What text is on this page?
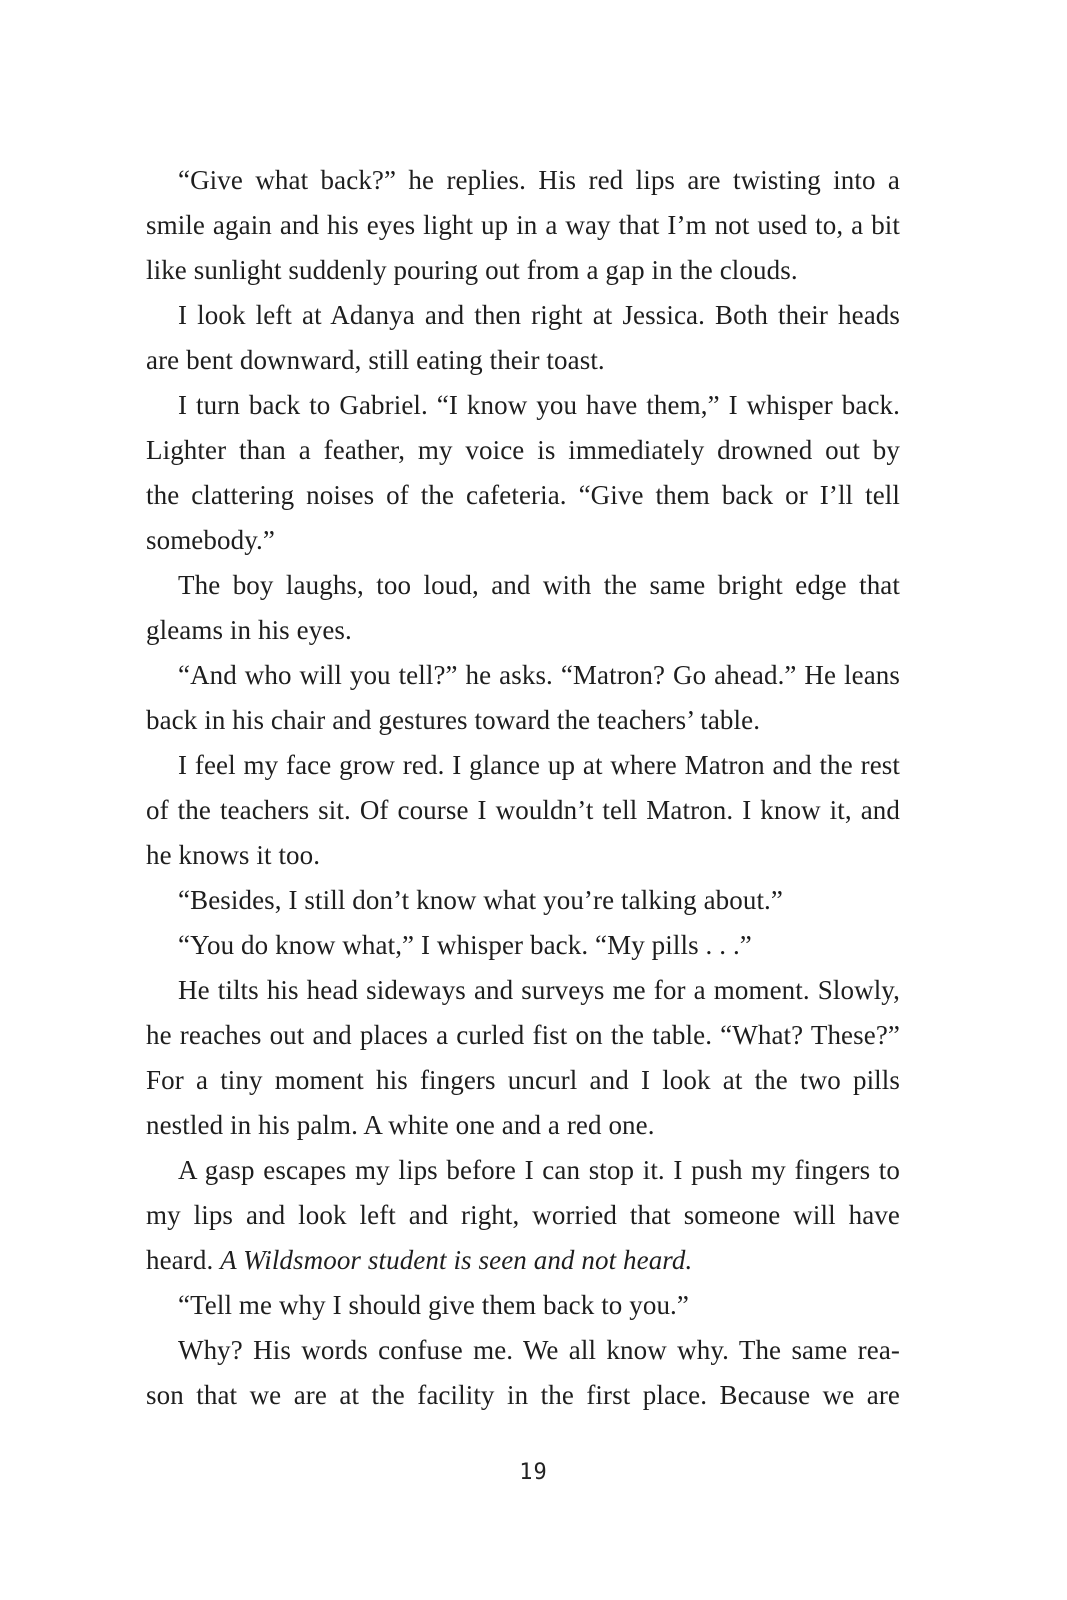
“Give what back?” he replies. His red lips are twisting into a
smile again and his eyes light up in a way that I’m not used to, a bit
like sunlight suddenly pouring out from a gap in the clouds.
I look left at Adanya and then right at Jessica. Both their heads
are bent downward, still eating their toast.
I turn back to Gabriel. “I know you have them,” I whisper back.
Lighter than a feather, my voice is immediately drowned out by
the clattering noises of the cafeteria. “Give them back or I’ll tell
somebody.”
The boy laughs, too loud, and with the same bright edge that
gleams in his eyes.
“And who will you tell?” he asks. “Matron? Go ahead.” He leans
back in his chair and gestures toward the teachers’ table.
I feel my face grow red. I glance up at where Matron and the rest
of the teachers sit. Of course I wouldn’t tell Matron. I know it, and
he knows it too.
“Besides, I still don’t know what you’re talking about.”
“You do know what,” I whisper back. “My pills . . .”
He tilts his head sideways and surveys me for a moment. Slowly,
he reaches out and places a curled fist on the table. “What? These?”
For a tiny moment his fingers uncurl and I look at the two pills
nestled in his palm. A white one and a red one.
A gasp escapes my lips before I can stop it. I push my fingers to
my lips and look left and right, worried that someone will have
heard. A Wildsmoor student is seen and not heard.
“Tell me why I should give them back to you.”
Why? His words confuse me. We all know why. The same rea-
son that we are at the facility in the first place. Because we are
19
